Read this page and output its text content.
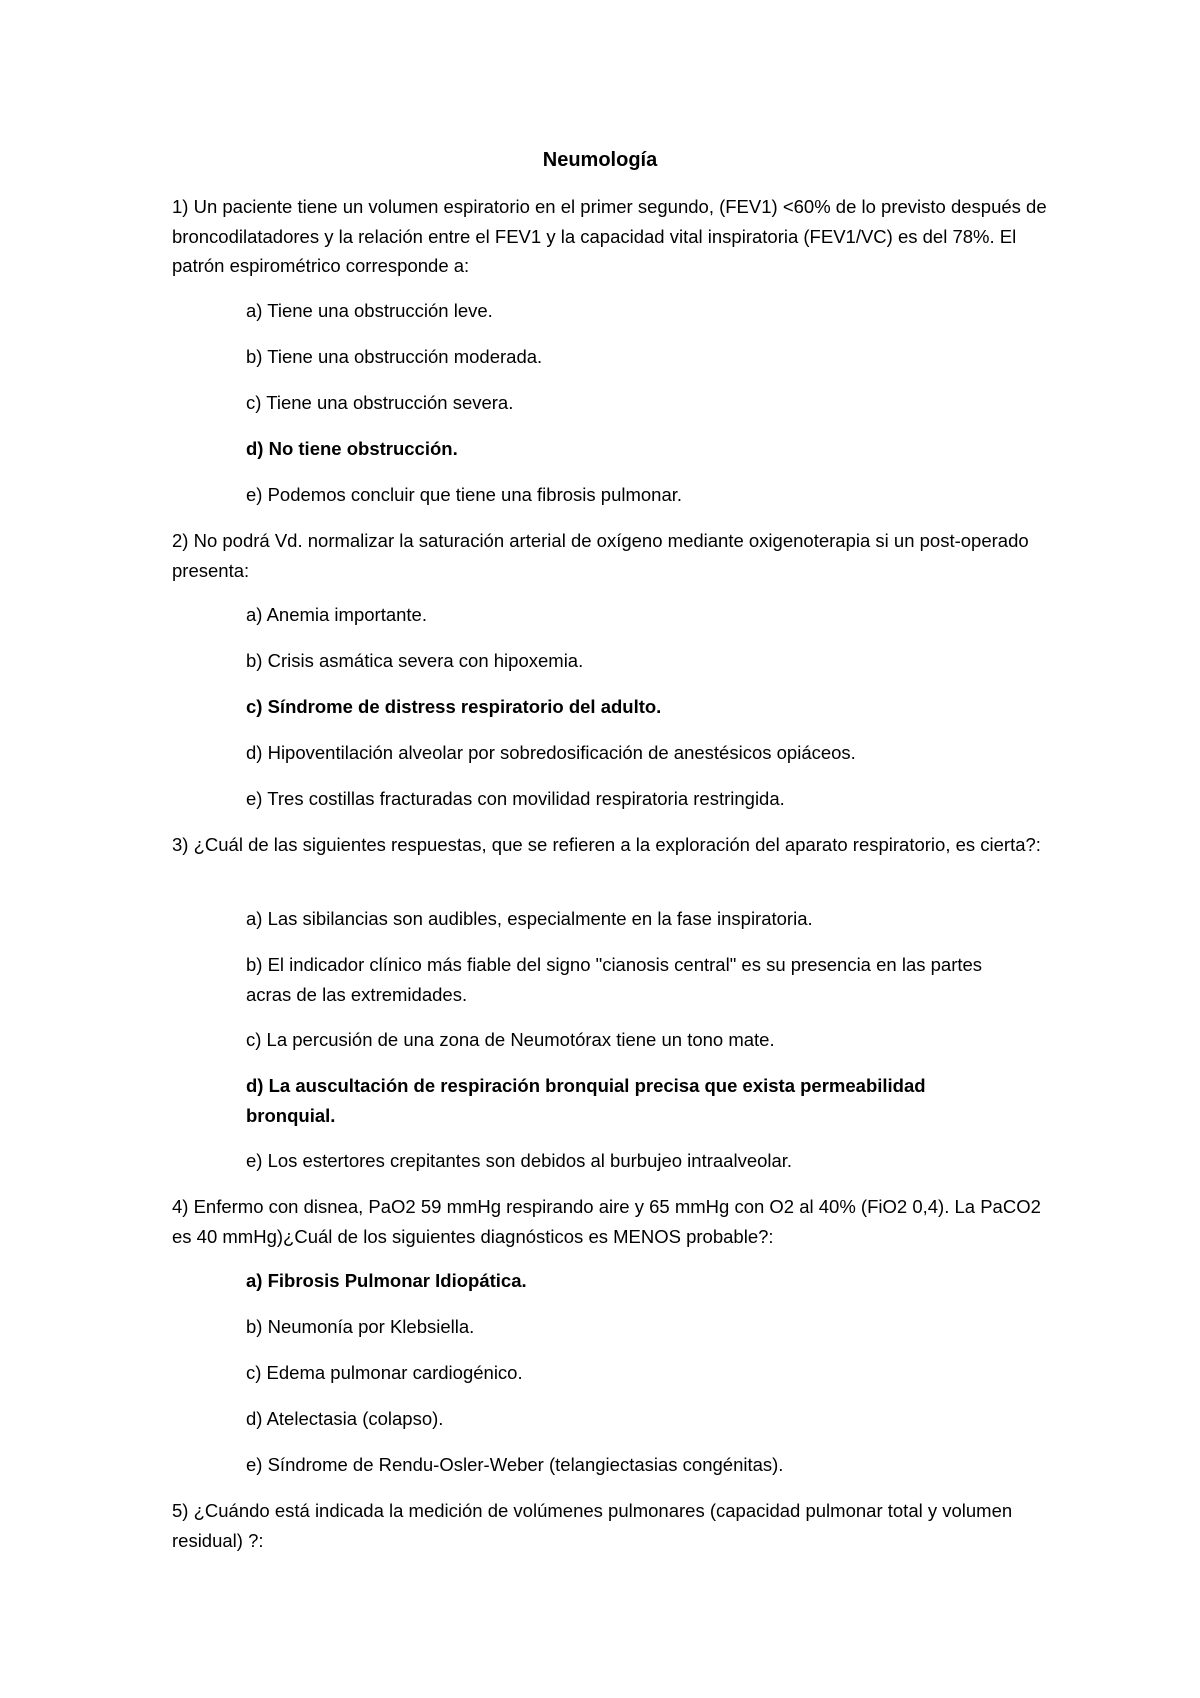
Neumología
1) Un paciente tiene un volumen espiratorio en el primer segundo, (FEV1) <60% de lo previsto después de broncodilatadores y la relación entre el FEV1 y la capacidad vital inspiratoria (FEV1/VC) es del 78%. El patrón espirométrico corresponde a:
a) Tiene una obstrucción leve.
b) Tiene una obstrucción moderada.
c) Tiene una obstrucción severa.
d) No tiene obstrucción.
e) Podemos concluir que tiene una fibrosis pulmonar.
2) No podrá Vd. normalizar la saturación arterial de oxígeno mediante oxigenoterapia si un post-operado presenta:
a) Anemia importante.
b) Crisis asmática severa con hipoxemia.
c) Síndrome de distress respiratorio del adulto.
d) Hipoventilación alveolar por sobredosificación de anestésicos opiáceos.
e) Tres costillas fracturadas con movilidad respiratoria restringida.
3) ¿Cuál de las siguientes respuestas, que se refieren a la exploración del aparato respiratorio, es cierta?:
a) Las sibilancias son audibles, especialmente en la fase inspiratoria.
b) El indicador clínico más fiable del signo "cianosis central" es su presencia en las partes acras de las extremidades.
c) La percusión de una zona de Neumotórax tiene un tono mate.
d) La auscultación de respiración bronquial precisa que exista permeabilidad bronquial.
e) Los estertores crepitantes son debidos al burbujeo intraalveolar.
4) Enfermo con disnea, PaO2 59 mmHg respirando aire y 65 mmHg con O2 al 40% (FiO2 0,4). La PaCO2 es 40 mmHg)¿Cuál de los siguientes diagnósticos es MENOS probable?:
a) Fibrosis Pulmonar Idiopática.
b) Neumonía por Klebsiella.
c) Edema pulmonar cardiogénico.
d) Atelectasia (colapso).
e) Síndrome de Rendu-Osler-Weber (telangiectasias congénitas).
5) ¿Cuándo está indicada la medición de volúmenes pulmonares (capacidad pulmonar total y volumen residual) ?:
